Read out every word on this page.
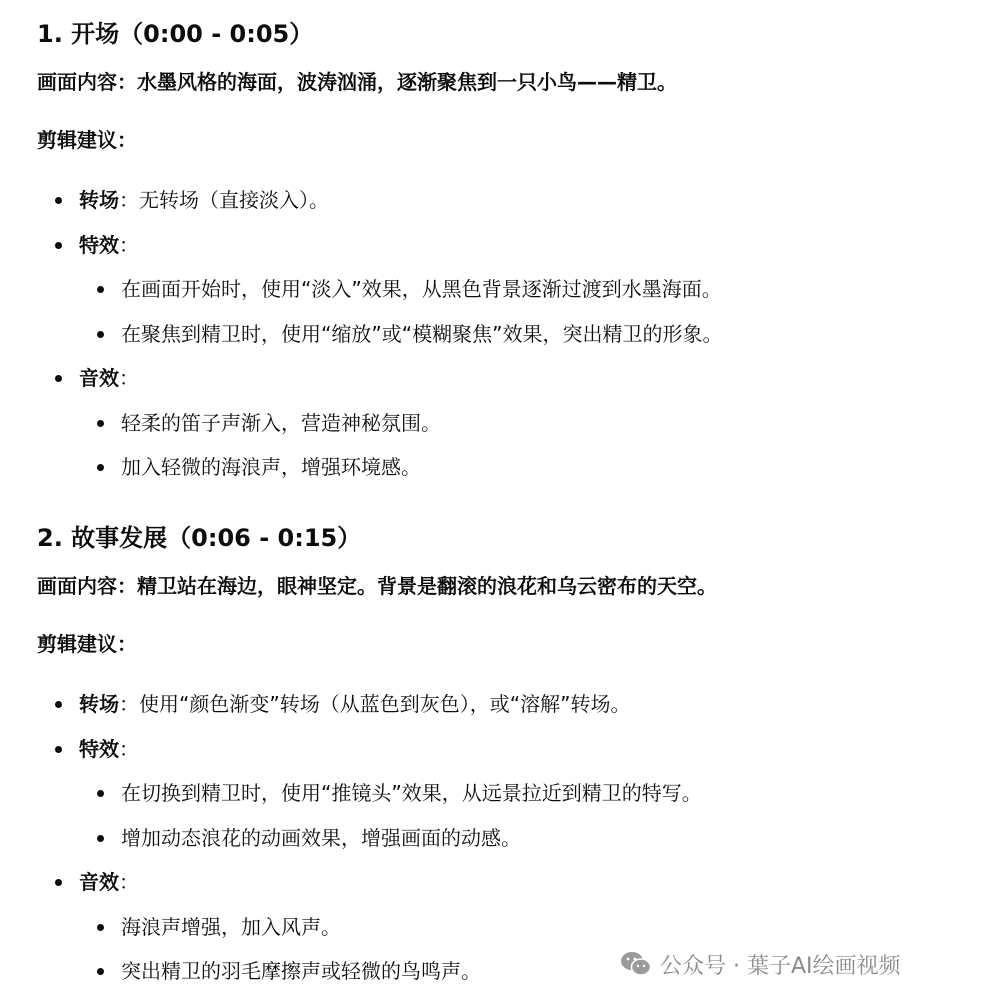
1. 开场（0:00 - 0:05）

画面内容：水墨风格的海面，波涛汹涌，逐渐聚焦到一只小鸟——精卫。

剪辑建议：

转场：无转场（直接淡入）。
特效：
在画面开始时，使用“淡入”效果，从黑色背景逐渐过渡到水墨海面。
在聚焦到精卫时，使用“缩放”或“模糊聚焦”效果，突出精卫的形象。
音效：
轻柔的笛子声渐入，营造神秘氛围。
加入轻微的海浪声，增强环境感。
2. 故事发展（0:06 - 0:15）

画面内容：精卫站在海边，眼神坚定。背景是翻滚的浪花和乌云密布的天空。

剪辑建议：

转场：使用“颜色渐变”转场（从蓝色到灰色），或“溶解”转场。
特效：
在切换到精卫时，使用“推镜头”效果，从远景拉近到精卫的特写。
增加动态浪花的动画效果，增强画面的动感。
音效：
海浪声增强，加入风声。
突出精卫的羽毛摩擦声或轻微的鸟鸣声。	公众号 · 葉子AI绘画视频
